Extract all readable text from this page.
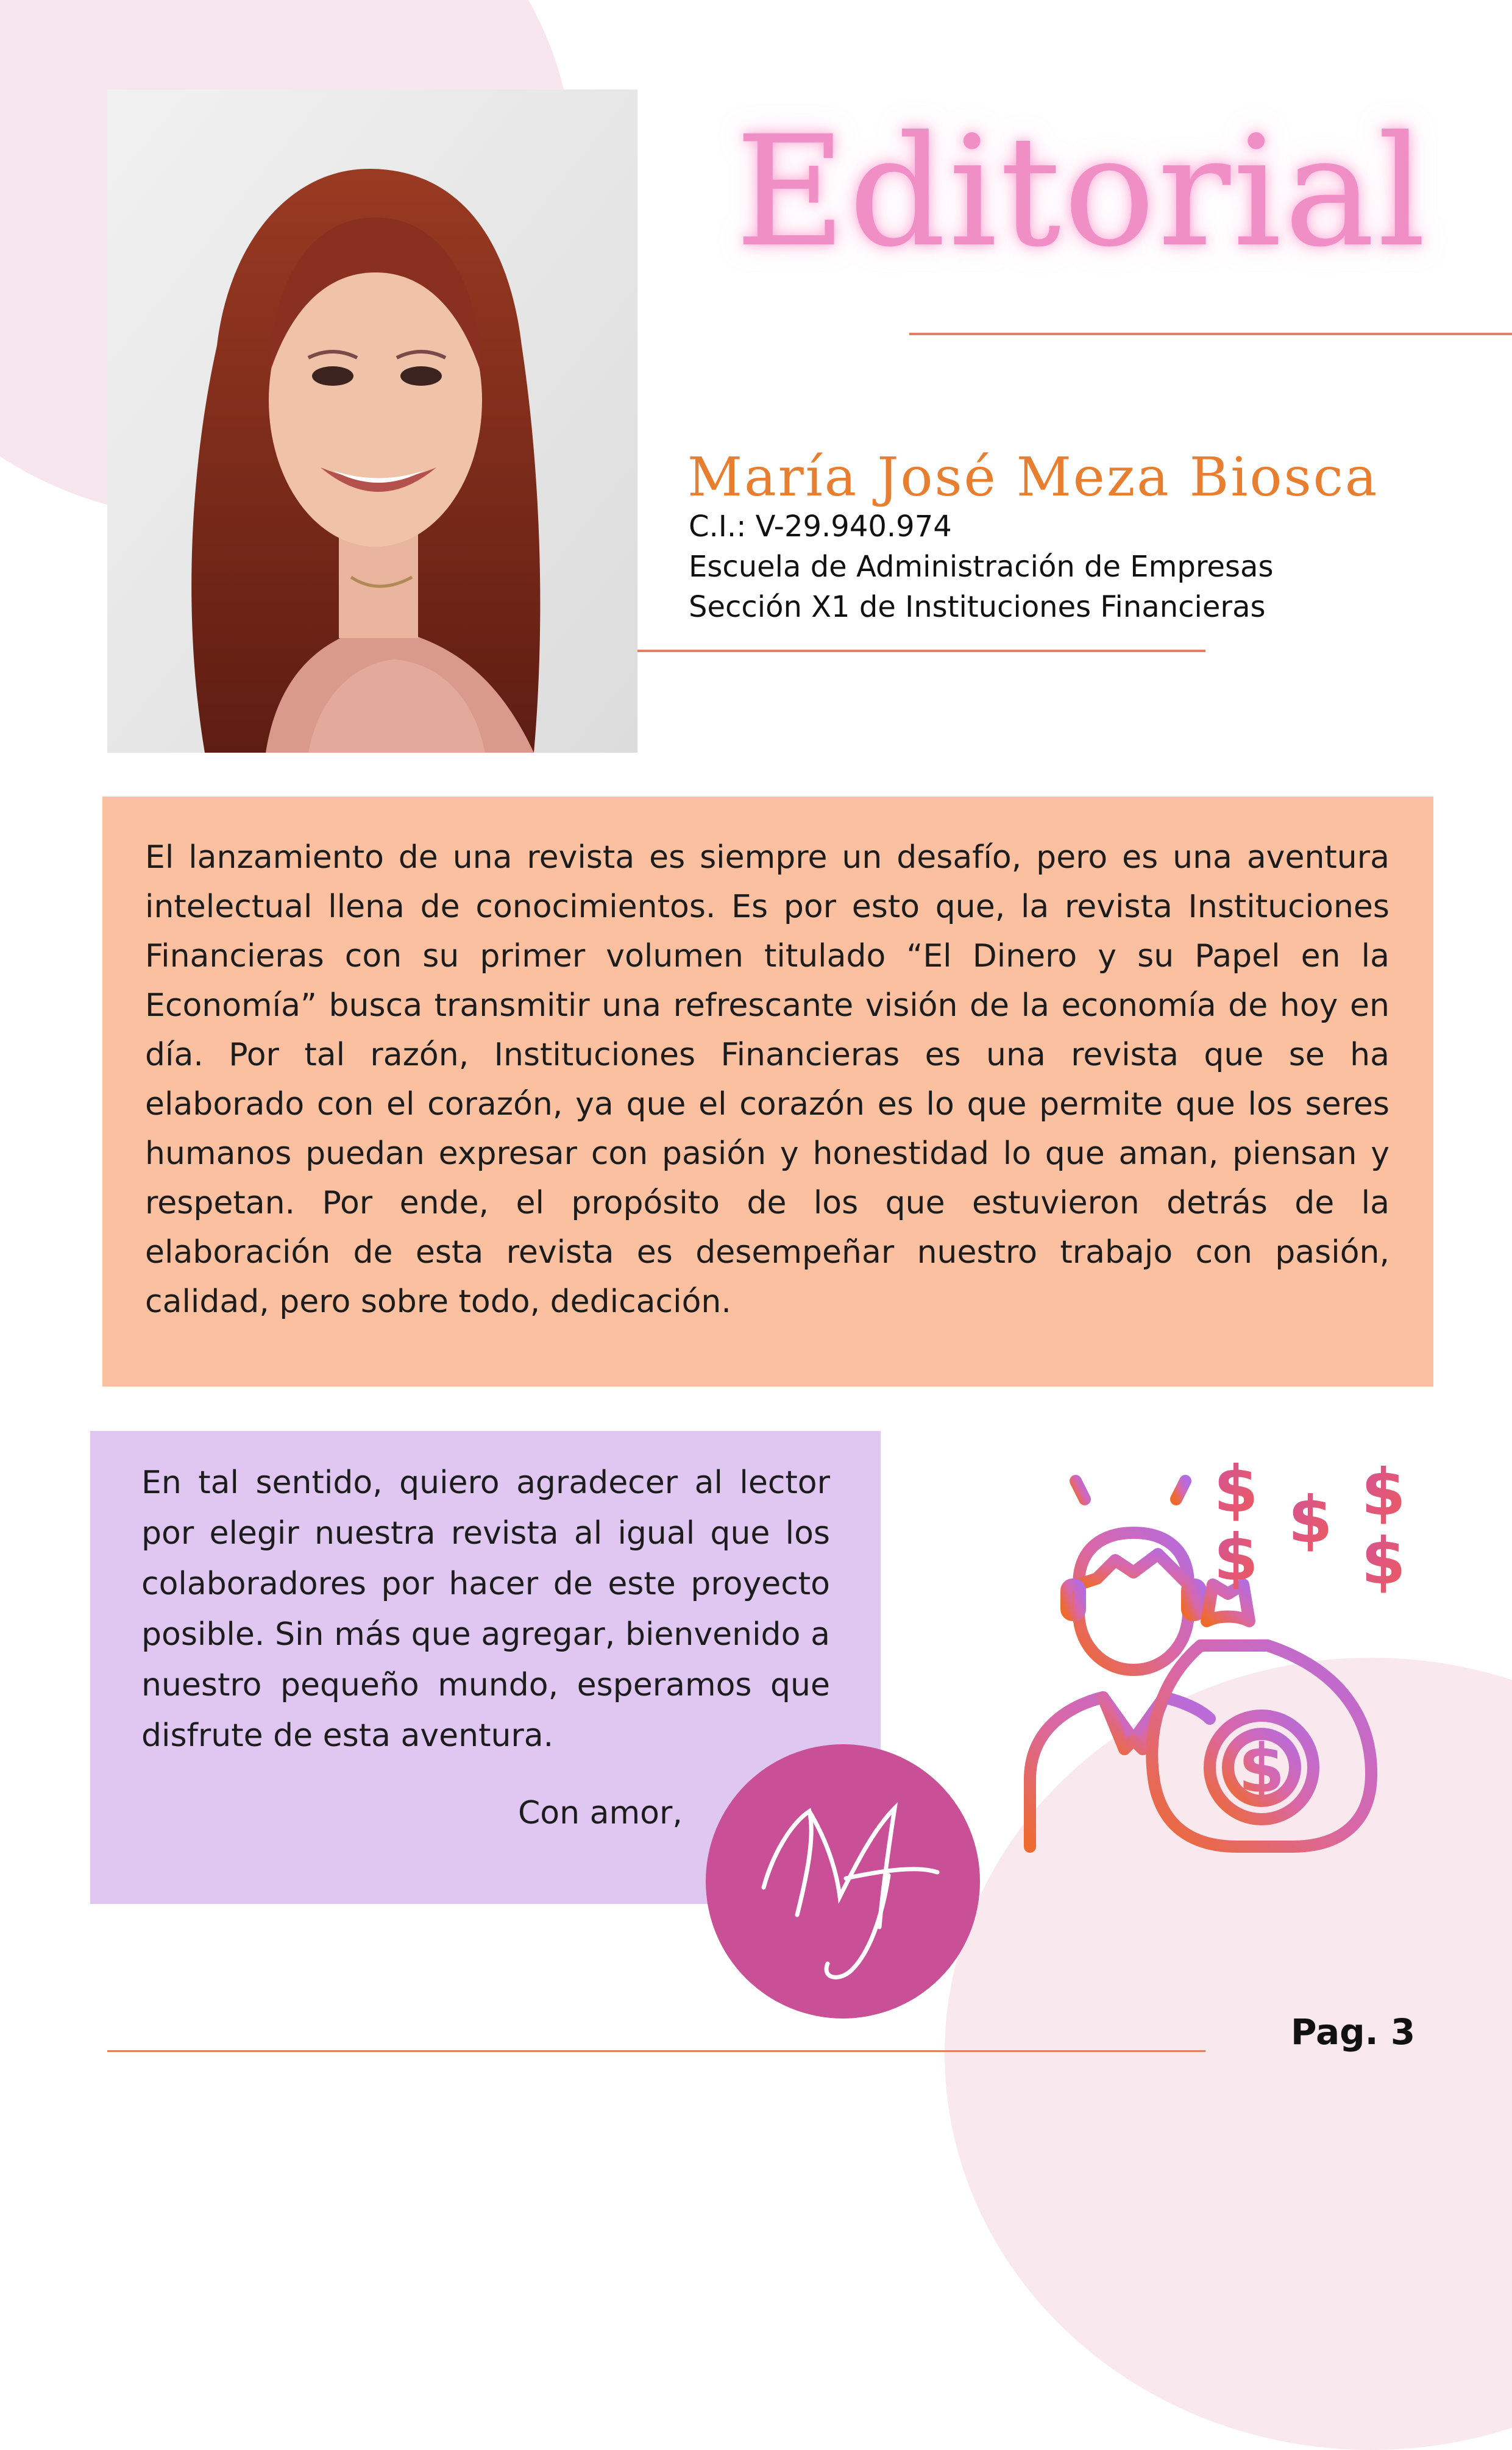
Editorial
María José Meza Biosca
C.I.: V-29.940.974
Escuela de Administración de Empresas
Sección X1 de Instituciones Financieras

El lanzamiento de una revista es siempre un desafío, pero es una aventura intelectual llena de conocimientos. Es por esto que, la revista Instituciones Financieras con su primer volumen titulado “El Dinero y su Papel en la Economía” busca transmitir una refrescante visión de la economía de hoy en día. Por tal razón, Instituciones Financieras es una revista que se ha elaborado con el corazón, ya que el corazón es lo que permite que los seres humanos puedan expresar con pasión y honestidad lo que aman, piensan y respetan. Por ende, el propósito de los que estuvieron detrás de la elaboración de esta revista es desempeñar nuestro trabajo con pasión, calidad, pero sobre todo, dedicación.

En tal sentido, quiero agradecer al lector por elegir nuestra revista al igual que los colaboradores por hacer de este proyecto posible. Sin más que agregar, bienvenido a nuestro pequeño mundo, esperamos que disfrute de esta aventura.

Con amor,
$
$
$ $
$
$
Pag. 3
